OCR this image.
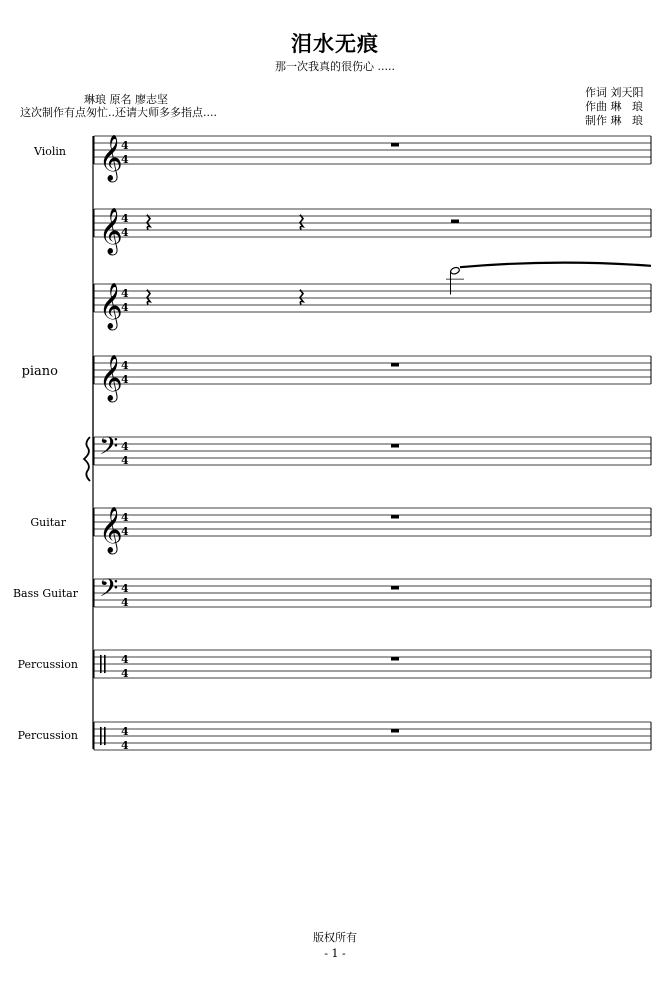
泪水无痕
那一次我真的很伤心 .....
琳琅 原名 廖志坚
这次制作有点匆忙..还请大师多多指点....
作词 刘天阳
作曲 琳   琅
制作 琳   琅
Violin
piano
Guitar
Bass Guitar
Percussion
Percussion
𝄞
4
4
𝄞
4
4
𝄞
4
4
𝄞
4
4
𝄢 4
4
𝄞
4
4
𝄢 4
4
4
4
4
4
版权所有
- 1 -
